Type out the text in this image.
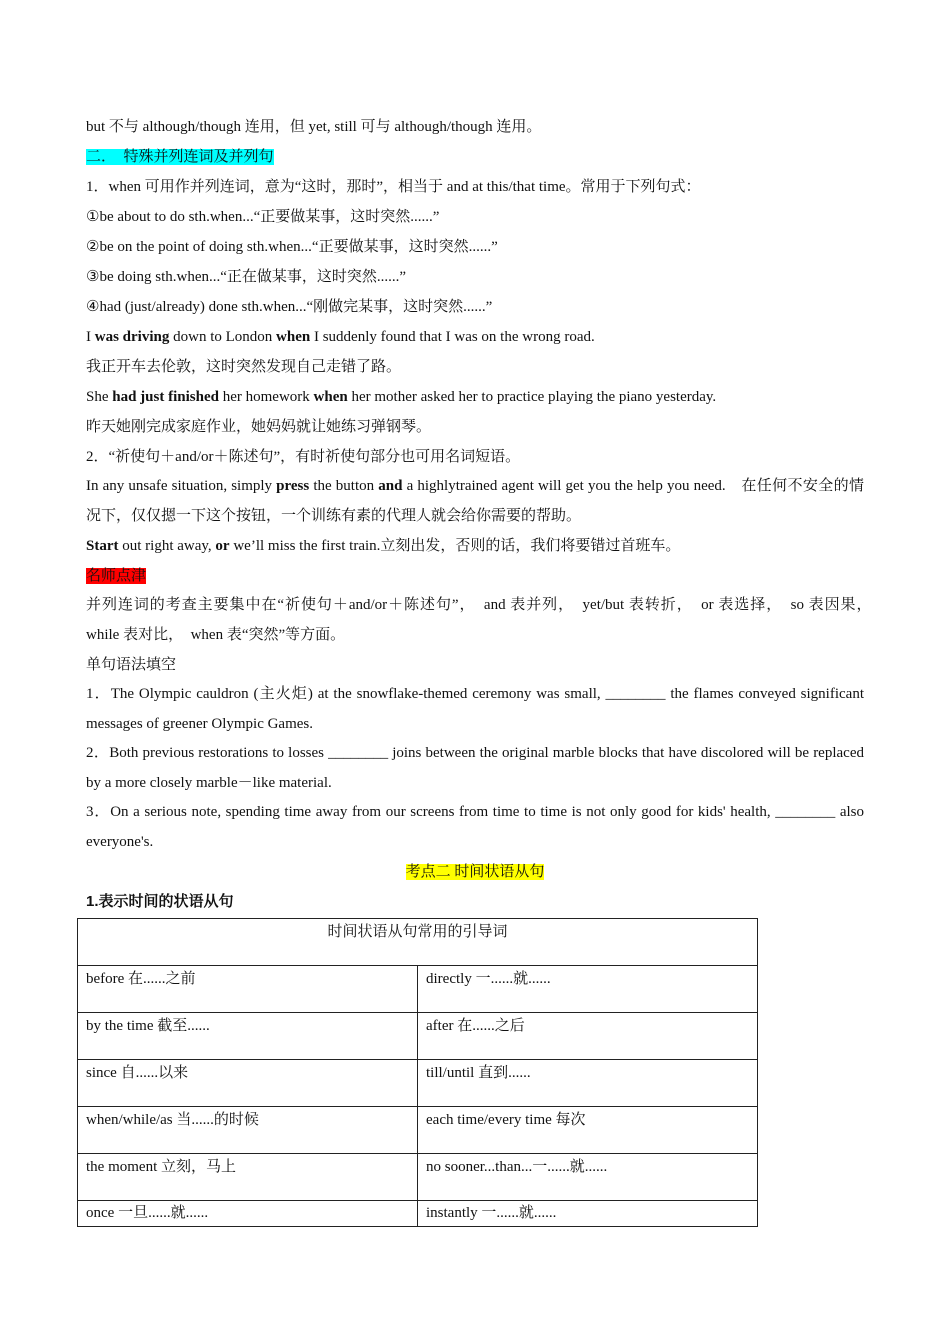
but 不与 although/though 连用，但 yet, still 可与 although/though 连用。
二．　特殊并列连词及并列句
1．when 可用作并列连词，意为“这时，那时”，相当于 and at this/that time。常用于下列句式：
①be about to do sth.when...“正要做某事，这时突然......”
②be on the point of doing sth.when...“正要做某事，这时突然......”
③be doing sth.when...“正在做某事，这时突然......”
④had (just/already) done sth.when...“刚做完某事，这时突然......”
I was driving down to London when I suddenly found that I was on the wrong road.
我正开车去伦敦，这时突然发现自己走错了路。
She had just finished her homework when her mother asked her to practice playing the piano yesterday.
昨天她刚完成家庭作业，她妈妈就让她练习弹钢琴。
2．“祈使句＋and/or＋陈述句”，有时祈使句部分也可用名词短语。
In any unsafe situation, simply press the button and a highlytrained agent will get you the help you need.　在任何不安全的情况下，仅仅摁一下这个按钮，一个训练有素的代理人就会给你需要的帮助。
Start out right away, or we’ll miss the first train.立刻出发，否则的话，我们将要错过首班车。
名师点津
并列连词的考查主要集中在“祈使句＋and/or＋陈述句”，　and 表并列，　yet/but 表转折，　or 表选择，　so 表因果，　while 表对比，　when 表“突然”等方面。
单句语法填空
1．The Olympic cauldron (主火炬) at the snowflake-themed ceremony was small, ________ the flames conveyed significant messages of greener Olympic Games.
2．Both previous restorations to losses ________ joins between the original marble blocks that have discolored will be replaced by a more closely marble－like material.
3．On a serious note, spending time away from our screens from time to time is not only good for kids' health, ________ also everyone's.
考点二 时间状语从句
1.表示时间的状语从句
时间状语从句常用的引导词	
before 在......之前	directly 一......就......
by the time 截至......	after 在......之后
since 自......以来	till/until 直到......
when/while/as 当......的时候	each time/every time 每次
the moment 立刻，马上	no sooner...than...一......就......
once 一旦......就......	instantly 一......就......
